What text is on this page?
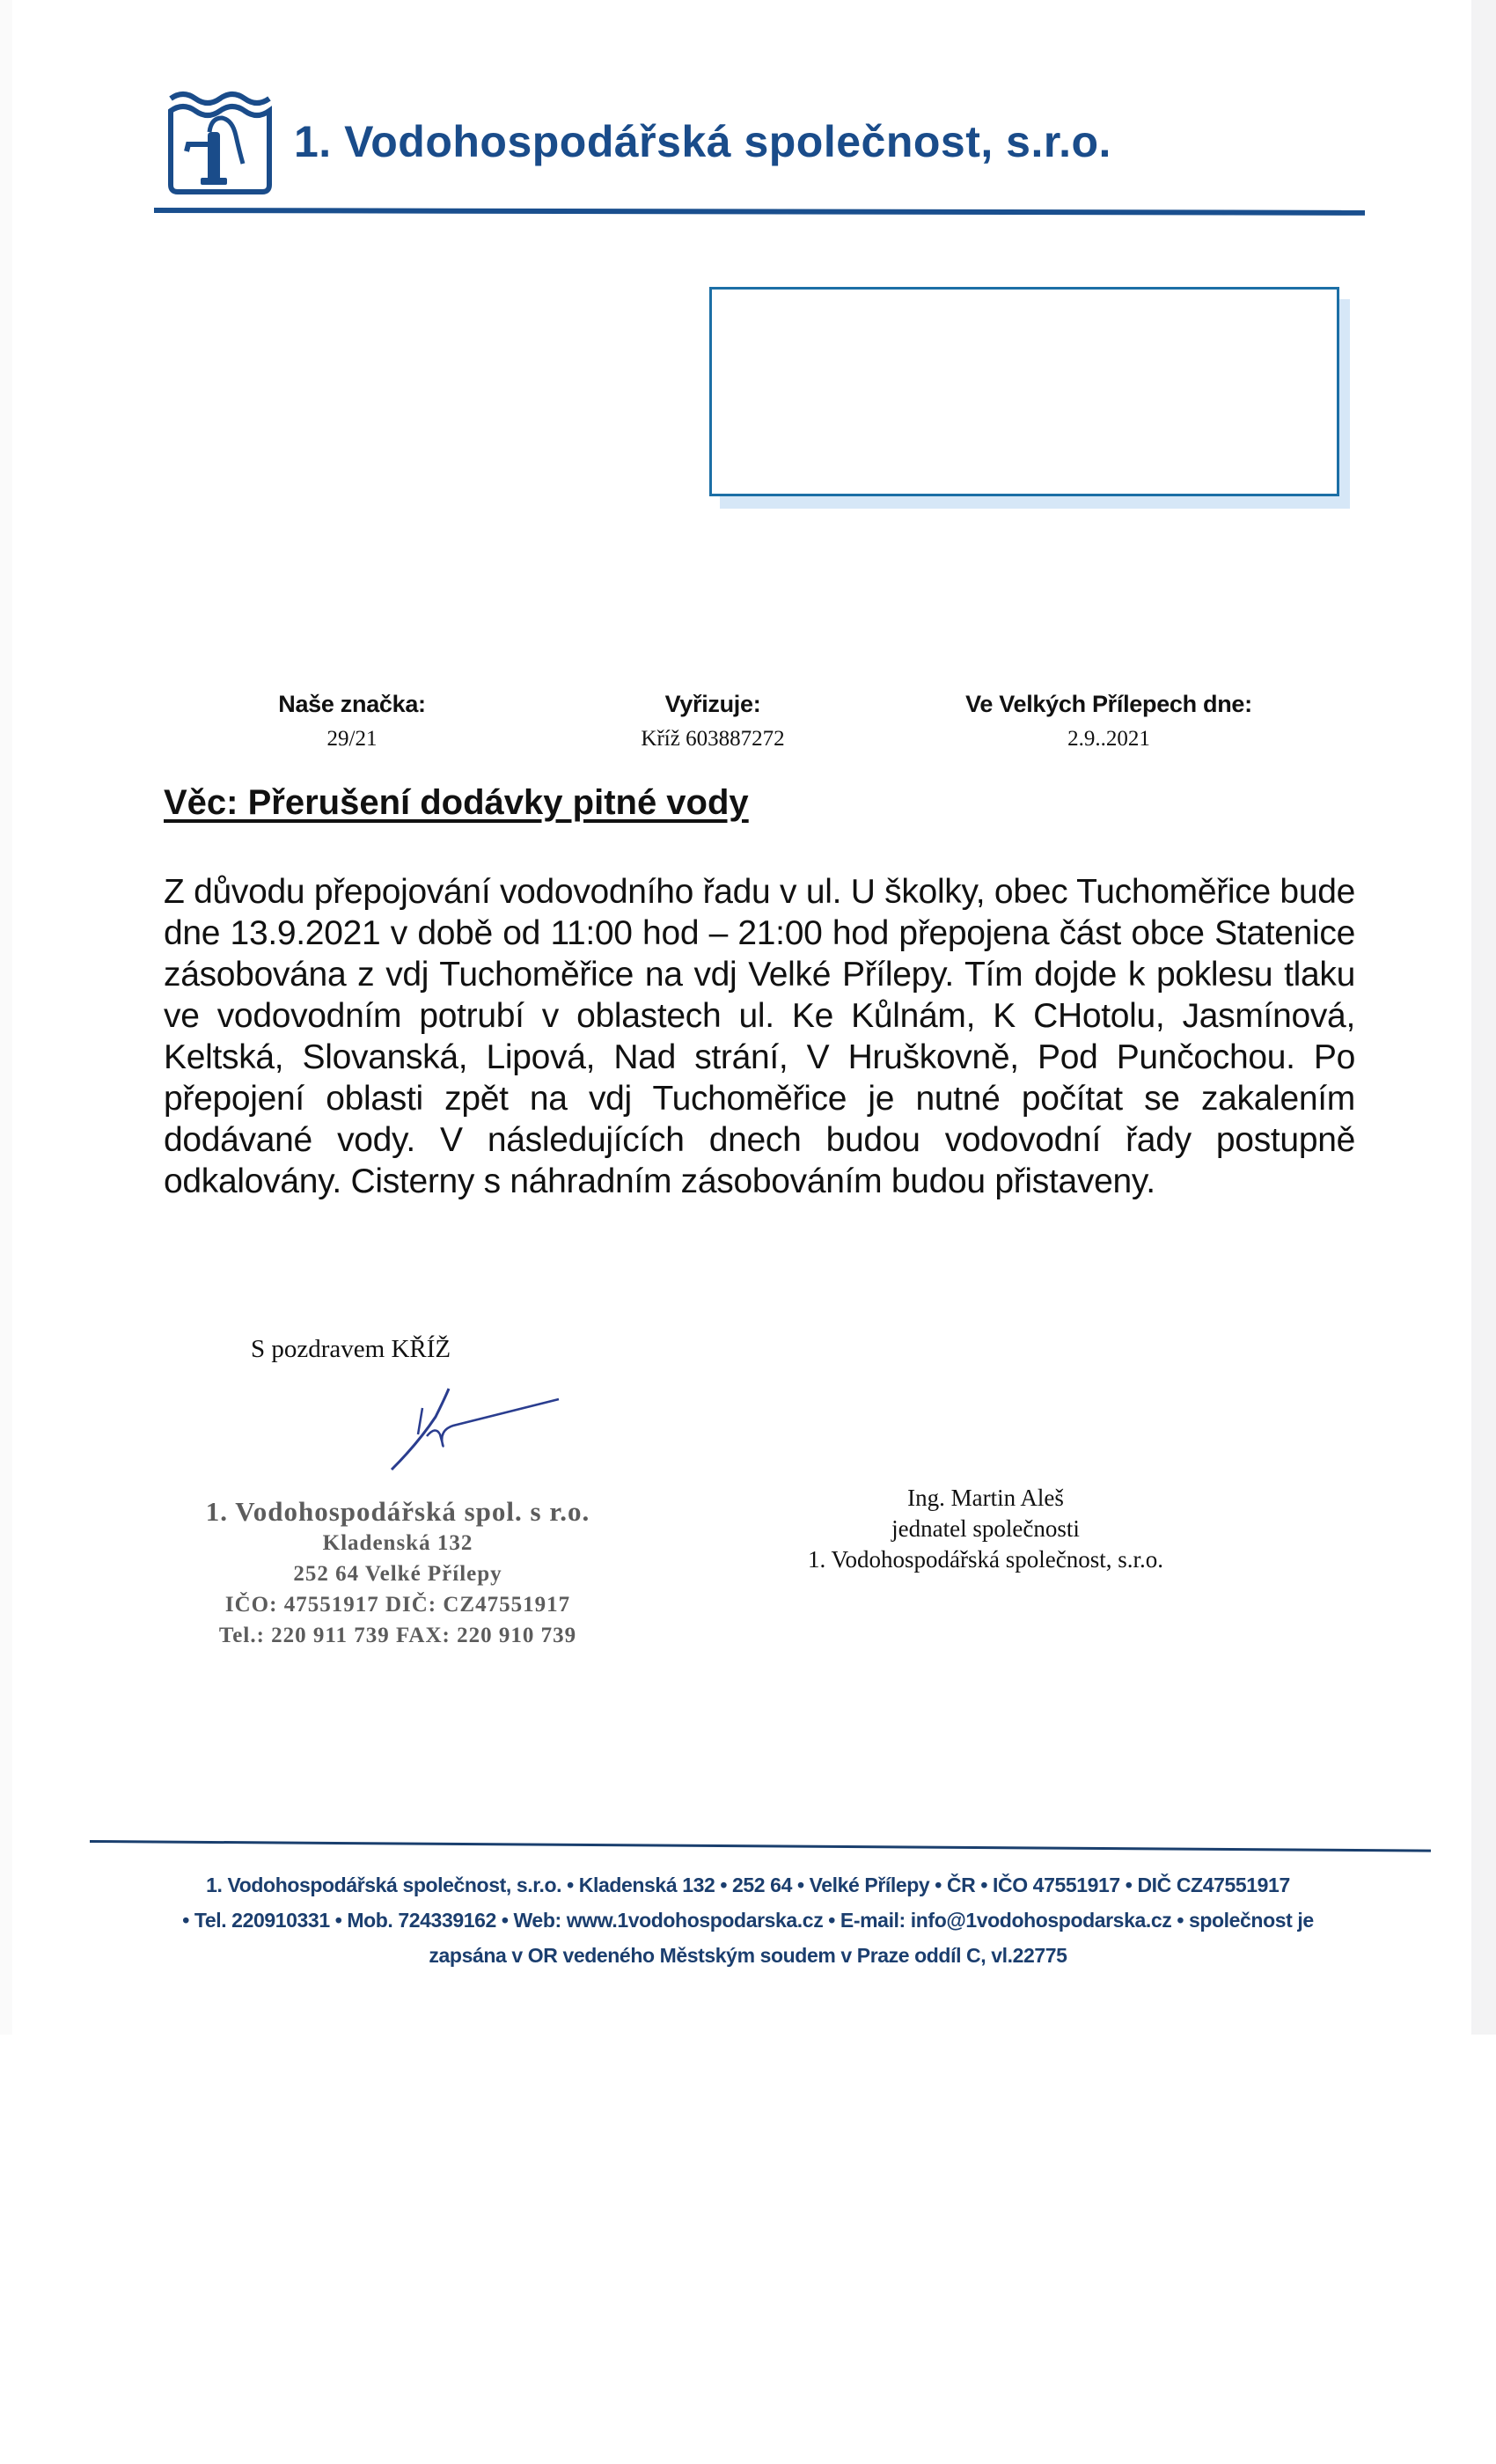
1. Vodohospodářská společnost, s.r.o.
Naše značka:
29/21
Vyřizuje:
Kříž 603887272
Ve Velkých Přílepech dne:
2.9..2021
Věc: Přerušení dodávky pitné vody
Z důvodu přepojování vodovodního řadu v ul. U školky, obec Tuchoměřice bude dne 13.9.2021 v době od 11:00 hod – 21:00 hod přepojena část obce Statenice zásobována z vdj Tuchoměřice na vdj Velké Přílepy. Tím dojde k poklesu tlaku ve vodovodním potrubí v oblastech ul. Ke Kůlnám, K CHotolu, Jasmínová, Keltská, Slovanská, Lipová, Nad strání, V Hruškovně, Pod Punčochou. Po přepojení oblasti zpět na vdj Tuchoměřice je nutné počítat se zakalením dodávané vody. V následujících dnech budou vodovodní řady postupně odkalovány. Cisterny s náhradním zásobováním budou přistaveny.
S pozdravem KŘÍŽ
1. Vodohospodářská spol. s r.o.
Kladenská 132
252 64 Velké Přílepy
IČO: 47551917 DIČ: CZ47551917
Tel.: 220 911 739 FAX: 220 910 739
Ing. Martin Aleš
jednatel společnosti
1. Vodohospodářská společnost, s.r.o.
1. Vodohospodářská společnost, s.r.o. • Kladenská 132 • 252 64 • Velké Přílepy • ČR • IČO 47551917 • DIČ CZ47551917
• Tel. 220910331 • Mob. 724339162 • Web: www.1vodohospodarska.cz • E-mail: info@1vodohospodarska.cz • společnost je
zapsána v OR vedeného Městským soudem v Praze oddíl C, vl.22775
